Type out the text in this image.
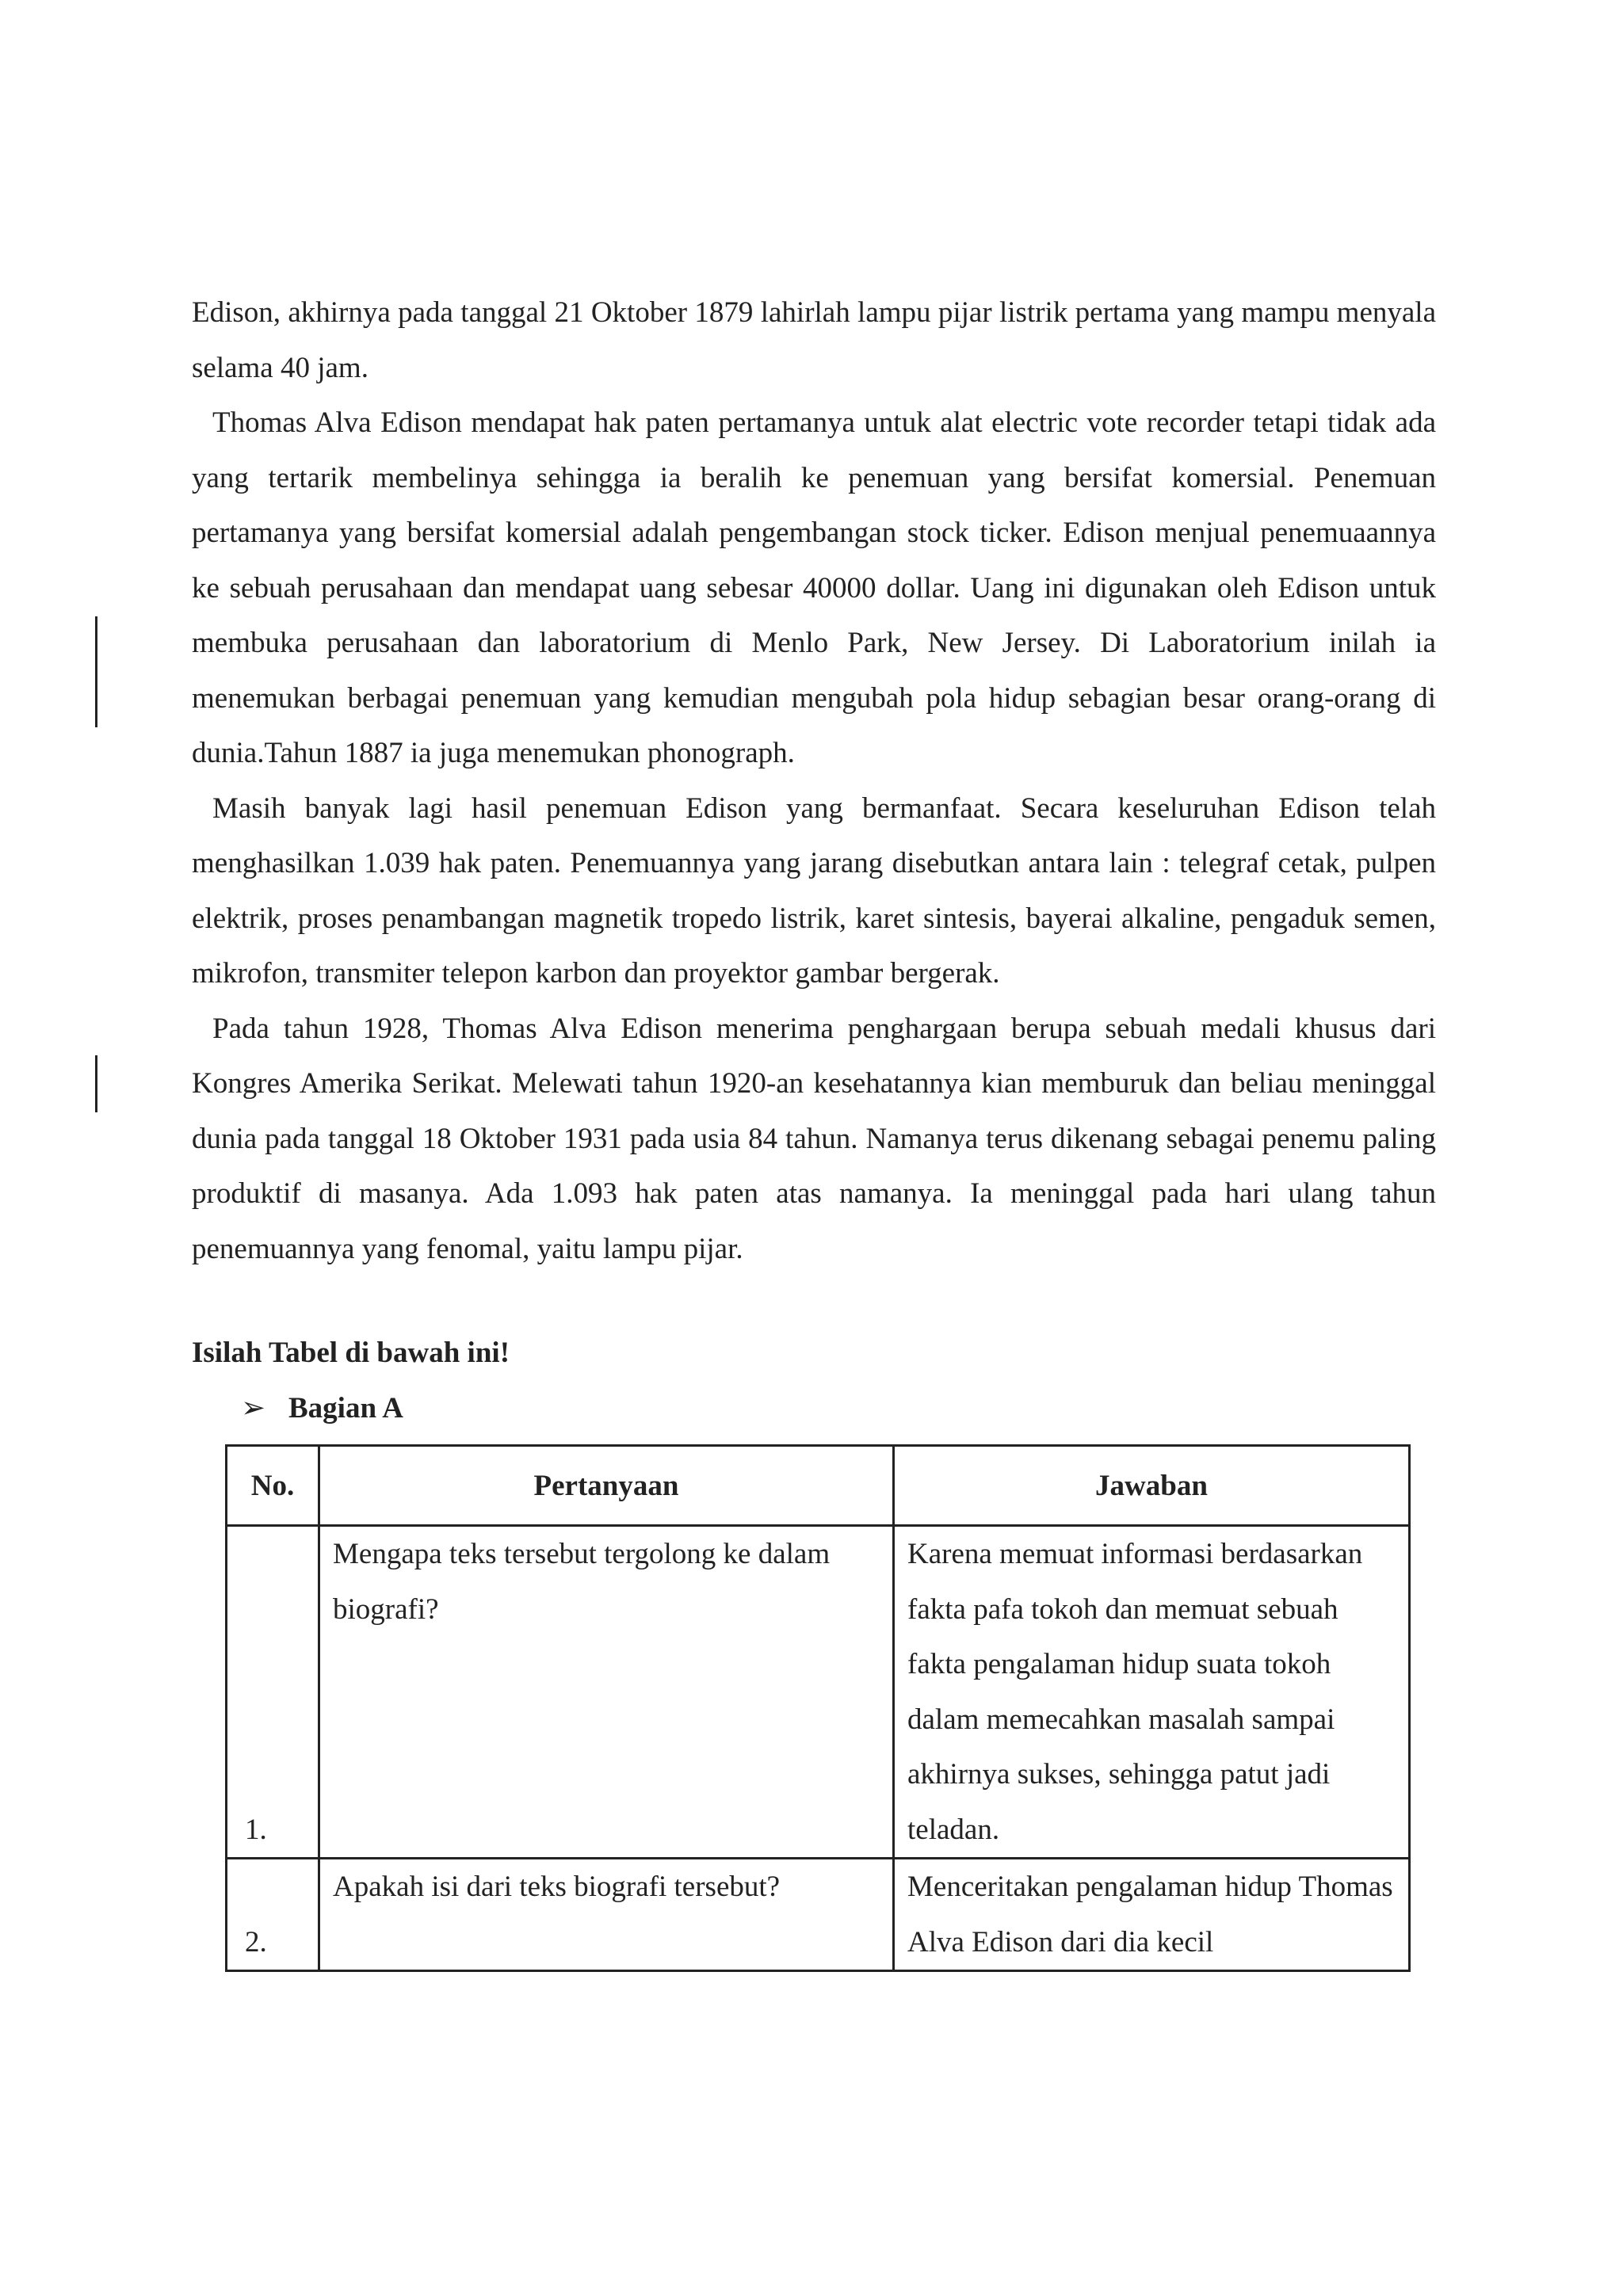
Edison, akhirnya pada tanggal 21 Oktober 1879 lahirlah lampu pijar listrik pertama yang mampu menyala selama 40 jam.

Thomas Alva Edison mendapat hak paten pertamanya untuk alat electric vote recorder tetapi tidak ada yang tertarik membelinya sehingga ia beralih ke penemuan yang bersifat komersial. Penemuan pertamanya yang bersifat komersial adalah pengembangan stock ticker. Edison menjual penemuaannya ke sebuah perusahaan dan mendapat uang sebesar 40000 dollar. Uang ini digunakan oleh Edison untuk membuka perusahaan dan laboratorium di Menlo Park, New Jersey. Di Laboratorium inilah ia menemukan berbagai penemuan yang kemudian mengubah pola hidup sebagian besar orang-orang di dunia.Tahun 1887 ia juga menemukan phonograph.

Masih banyak lagi hasil penemuan Edison yang bermanfaat. Secara keseluruhan Edison telah menghasilkan 1.039 hak paten. Penemuannya yang jarang disebutkan antara lain : telegraf cetak, pulpen elektrik, proses penambangan magnetik tropedo listrik, karet sintesis, bayerai alkaline, pengaduk semen, mikrofon, transmiter telepon karbon dan proyektor gambar bergerak.

Pada tahun 1928, Thomas Alva Edison menerima penghargaan berupa sebuah medali khusus dari Kongres Amerika Serikat. Melewati tahun 1920-an kesehatannya kian memburuk dan beliau meninggal dunia pada tanggal 18 Oktober 1931 pada usia 84 tahun. Namanya terus dikenang sebagai penemu paling produktif di masanya. Ada 1.093 hak paten atas namanya. Ia meninggal pada hari ulang tahun penemuannya yang fenomal, yaitu lampu pijar.

Isilah Tabel di bawah ini!

➢ Bagian A

No.	Pertanyaan	Jawaban
1.	Mengapa teks tersebut tergolong ke dalam biografi?	Karena memuat informasi berdasarkan fakta pafa tokoh dan memuat sebuah fakta pengalaman hidup suata tokoh dalam memecahkan masalah sampai akhirnya sukses, sehingga patut jadi teladan.
2.	Apakah isi dari teks biografi tersebut?	Menceritakan pengalaman hidup Thomas Alva Edison dari dia kecil
